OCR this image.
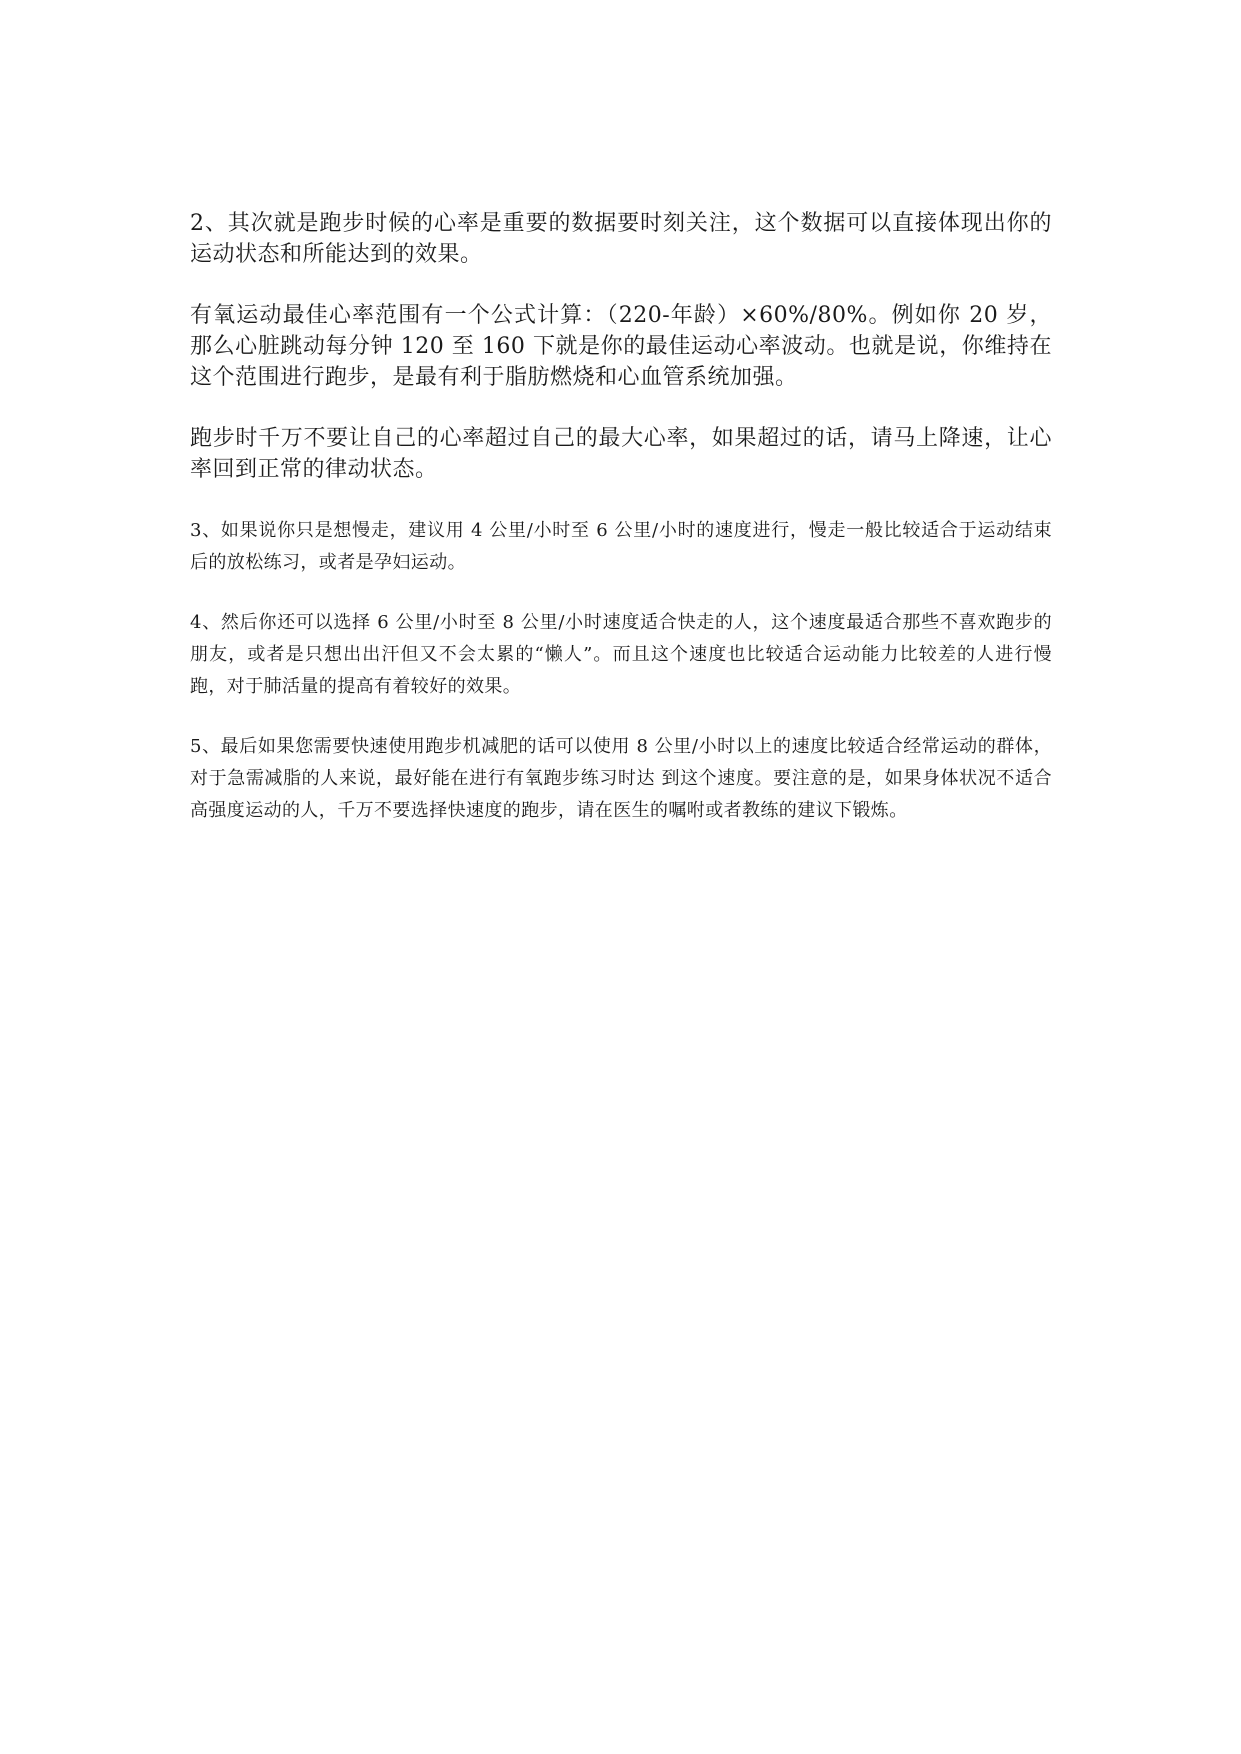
2、其次就是跑步时候的心率是重要的数据要时刻关注，这个数据可以直接体现出你的运动状态和所能达到的效果。

有氧运动最佳心率范围有一个公式计算：（220-年龄）×60%/80%。例如你 20 岁，那么心脏跳动每分钟 120 至 160 下就是你的最佳运动心率波动。也就是说，你维持在这个范围进行跑步，是最有利于脂肪燃烧和心血管系统加强。

跑步时千万不要让自己的心率超过自己的最大心率，如果超过的话，请马上降速，让心率回到正常的律动状态。

3、如果说你只是想慢走，建议用 4 公里/小时至 6 公里/小时的速度进行，慢走一般比较适合于运动结束后的放松练习，或者是孕妇运动。

4、然后你还可以选择 6 公里/小时至 8 公里/小时速度适合快走的人，这个速度最适合那些不喜欢跑步的朋友，或者是只想出出汗但又不会太累的“懒人”。而且这个速度也比较适合运动能力比较差的人进行慢跑，对于肺活量的提高有着较好的效果。

5、最后如果您需要快速使用跑步机减肥的话可以使用 8 公里/小时以上的速度比较适合经常运动的群体，对于急需减脂的人来说，最好能在进行有氧跑步练习时达 到这个速度。要注意的是，如果身体状况不适合高强度运动的人，千万不要选择快速度的跑步，请在医生的嘱咐或者教练的建议下锻炼。
